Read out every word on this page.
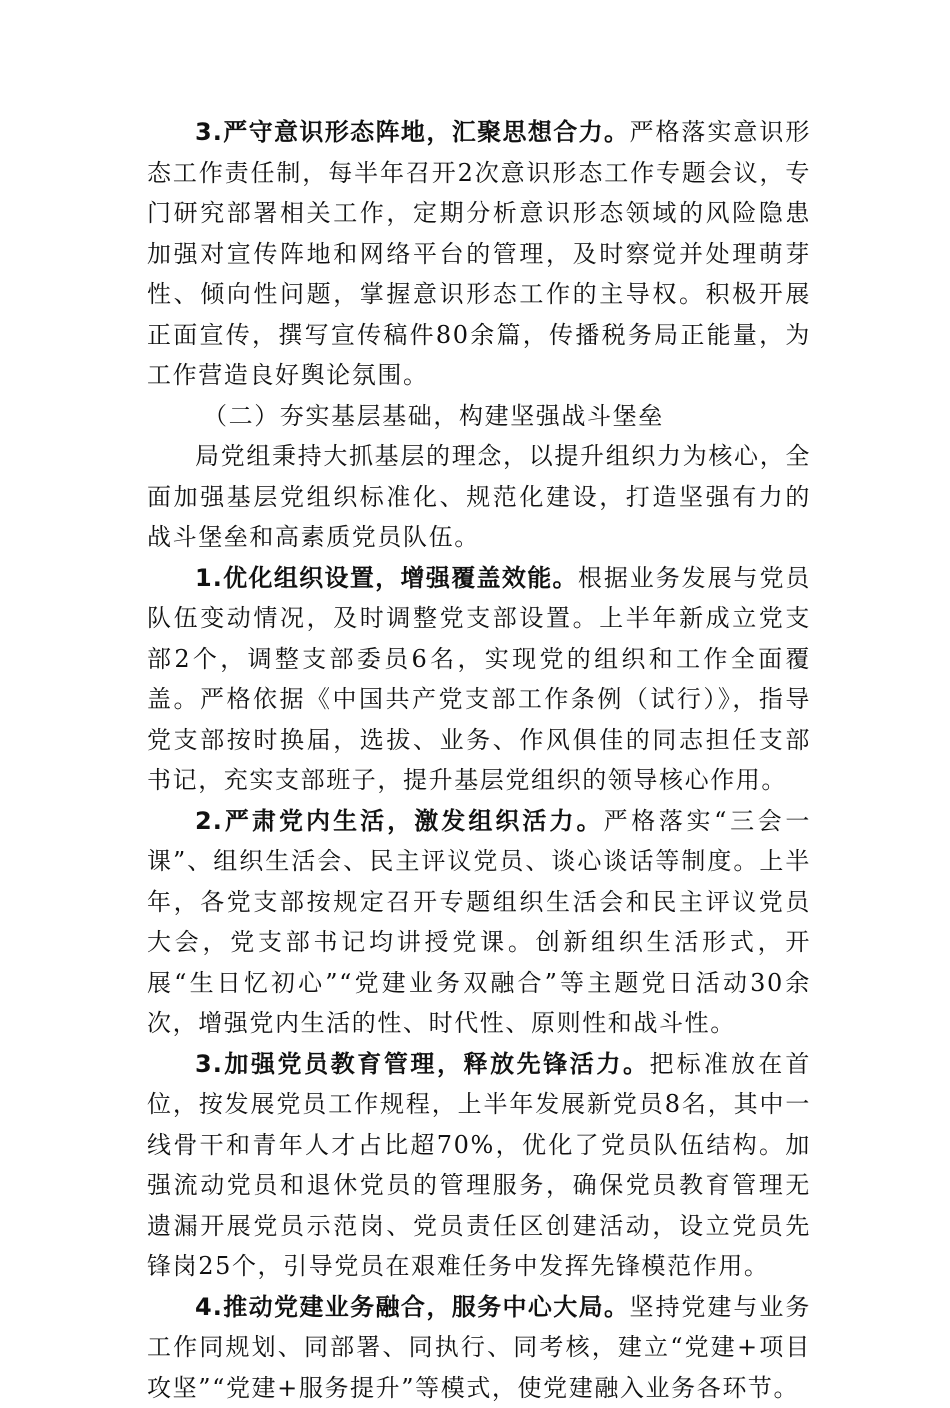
3.严守意识形态阵地，汇聚思想合力。严格落实意识形态工作责任制，每半年召开2次意识形态工作专题会议，专门研究部署相关工作，定期分析意识形态领域的风险隐患加强对宣传阵地和网络平台的管理，及时察觉并处理萌芽性、倾向性问题，掌握意识形态工作的主导权。积极开展正面宣传，撰写宣传稿件80余篇，传播税务局正能量，为工作营造良好舆论氛围。

（二）夯实基层基础，构建坚强战斗堡垒

局党组秉持大抓基层的理念，以提升组织力为核心，全面加强基层党组织标准化、规范化建设，打造坚强有力的战斗堡垒和高素质党员队伍。

1.优化组织设置，增强覆盖效能。根据业务发展与党员队伍变动情况，及时调整党支部设置。上半年新成立党支部2个，调整支部委员6名，实现党的组织和工作全面覆盖。严格依据《中国共产党支部工作条例（试行）》，指导党支部按时换届，选拔、业务、作风俱佳的同志担任支部书记，充实支部班子，提升基层党组织的领导核心作用。

2.严肃党内生活，激发组织活力。严格落实“三会一课”、组织生活会、民主评议党员、谈心谈话等制度。上半年，各党支部按规定召开专题组织生活会和民主评议党员大会，党支部书记均讲授党课。创新组织生活形式，开展“生日忆初心”“党建业务双融合”等主题党日活动30余次，增强党内生活的性、时代性、原则性和战斗性。

3.加强党员教育管理，释放先锋活力。把标准放在首位，按发展党员工作规程，上半年发展新党员8名，其中一线骨干和青年人才占比超70%，优化了党员队伍结构。加强流动党员和退休党员的管理服务，确保党员教育管理无遗漏开展党员示范岗、党员责任区创建活动，设立党员先锋岗25个，引导党员在艰难任务中发挥先锋模范作用。

4.推动党建业务融合，服务中心大局。坚持党建与业务工作同规划、同部署、同执行、同考核，建立“党建+项目攻坚”“党建+服务提升”等模式，使党建融入业务各环节。
